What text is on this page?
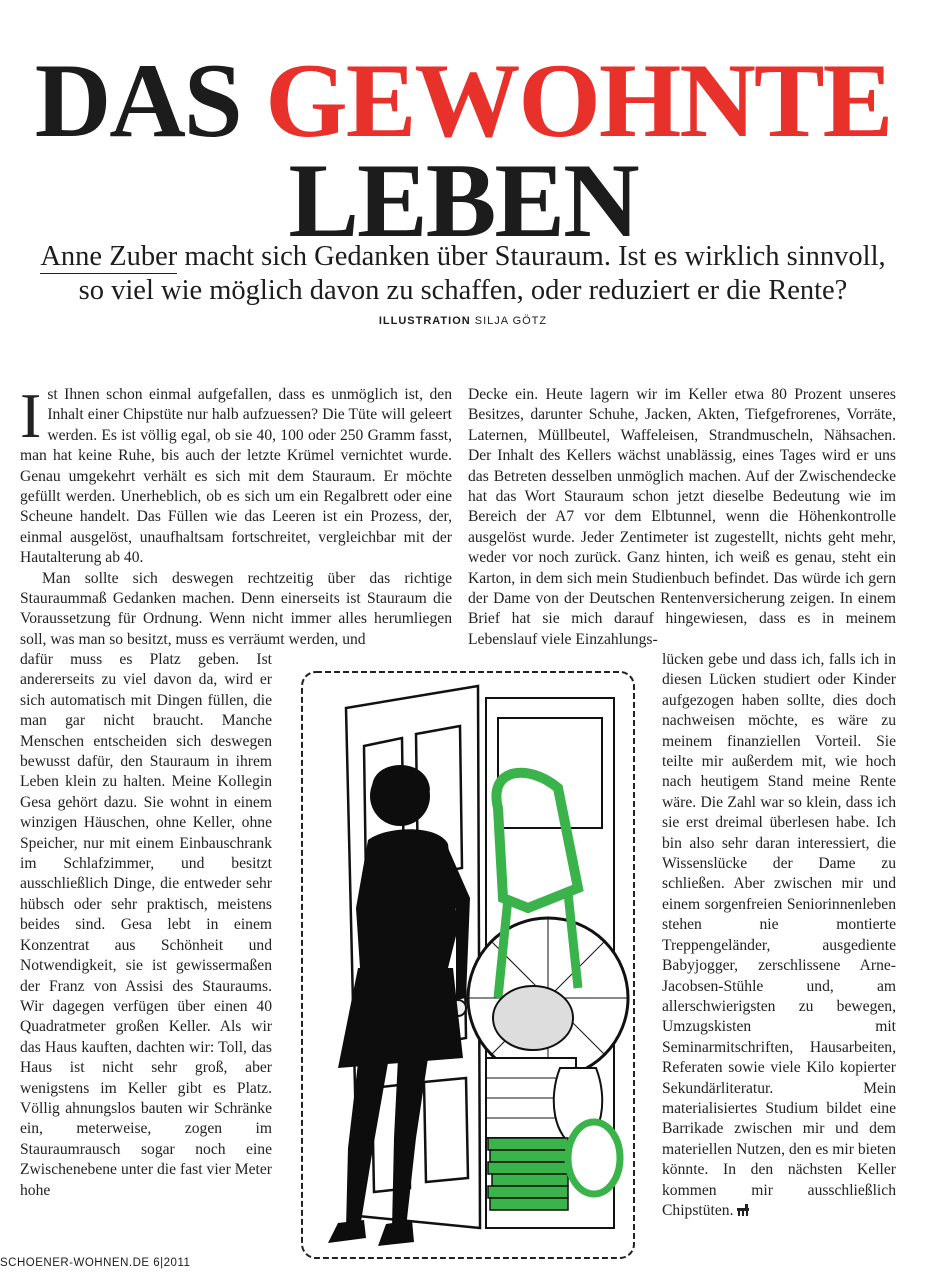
DAS GEWOHNTE
LEBEN
Anne Zuber macht sich Gedanken über Stauraum. Ist es wirklich sinnvoll,
so viel wie möglich davon zu schaffen, oder reduziert er die Rente?
ILLUSTRATION SILJA GÖTZ

Ist Ihnen schon einmal aufgefallen, dass es unmöglich ist, den Inhalt einer Chipstüte nur halb aufzuessen? Die Tüte will geleert werden. Es ist völlig egal, ob sie 40, 100 oder 250 Gramm fasst, man hat keine Ruhe, bis auch der letzte Krümel vernichtet wurde. Genau umgekehrt verhält es sich mit dem Stauraum. Er möchte gefüllt werden. Unerheblich, ob es sich um ein Regalbrett oder eine Scheune handelt. Das Füllen wie das Leeren ist ein Prozess, der, einmal ausgelöst, unaufhaltsam fortschreitet, vergleichbar mit der Hautalterung ab 40.

Man sollte sich deswegen rechtzeitig über das richtige Stauraummaß Gedanken machen. Denn einerseits ist Stauraum die Voraussetzung für Ordnung. Wenn nicht immer alles herumliegen soll, was man so besitzt, muss es verräumt werden, und

dafür muss es Platz geben. Ist andererseits zu viel davon da, wird er sich automatisch mit Dingen füllen, die man gar nicht braucht. Manche Menschen entscheiden sich deswegen bewusst dafür, den Stauraum in ihrem Leben klein zu halten. Meine Kollegin Gesa gehört dazu. Sie wohnt in einem winzigen Häuschen, ohne Keller, ohne Speicher, nur mit einem Einbauschrank im Schlafzimmer, und besitzt ausschließlich Dinge, die entweder sehr hübsch oder sehr praktisch, meistens beides sind. Gesa lebt in einem Konzentrat aus Schönheit und Notwendigkeit, sie ist gewissermaßen der Franz von Assisi des Stauraums. Wir dagegen verfügen über einen 40 Quadratmeter großen Keller. Als wir das Haus kauften, dachten wir: Toll, das Haus ist nicht sehr groß, aber wenigstens im Keller gibt es Platz. Völlig ahnungslos bauten wir Schränke ein, meterweise, zogen im Stauraumrausch sogar noch eine Zwischenebene unter die fast vier Meter hohe

Decke ein. Heute lagern wir im Keller etwa 80 Prozent unseres Besitzes, darunter Schuhe, Jacken, Akten, Tiefgefrorenes, Vorräte, Laternen, Müllbeutel, Waffeleisen, Strandmuscheln, Nähsachen. Der Inhalt des Kellers wächst unablässig, eines Tages wird er uns das Betreten desselben unmöglich machen. Auf der Zwischendecke hat das Wort Stauraum schon jetzt dieselbe Bedeutung wie im Bereich der A7 vor dem Elbtunnel, wenn die Höhenkontrolle ausgelöst wurde. Jeder Zentimeter ist zugestellt, nichts geht mehr, weder vor noch zurück. Ganz hinten, ich weiß es genau, steht ein Karton, in dem sich mein Studienbuch befindet. Das würde ich gern der Dame von der Deutschen Rentenversicherung zeigen. In einem Brief hat sie mich darauf hingewiesen, dass es in meinem Lebenslauf viele Einzahlungs-

lücken gebe und dass ich, falls ich in diesen Lücken studiert oder Kinder aufgezogen haben sollte, dies doch nachweisen möchte, es wäre zu meinem finanziellen Vorteil. Sie teilte mir außerdem mit, wie hoch nach heutigem Stand meine Rente wäre. Die Zahl war so klein, dass ich sie erst dreimal überlesen habe. Ich bin also sehr daran interessiert, die Wissenslücke der Dame zu schließen. Aber zwischen mir und einem sorgenfreien Seniorinnenleben stehen nie montierte Treppengeländer, ausgediente Babyjogger, zerschlissene Arne-Jacobsen-Stühle und, am allerschwierigsten zu bewegen, Umzugskisten mit Seminarmitschriften, Hausarbeiten, Referaten sowie viele Kilo kopierter Sekundärliteratur. Mein materialisiertes Studium bildet eine Barrikade zwischen mir und dem materiellen Nutzen, den es mir bieten könnte. In den nächsten Keller kommen mir ausschließlich Chipstüten.

SCHOENER-WOHNEN.DE 6|2011
